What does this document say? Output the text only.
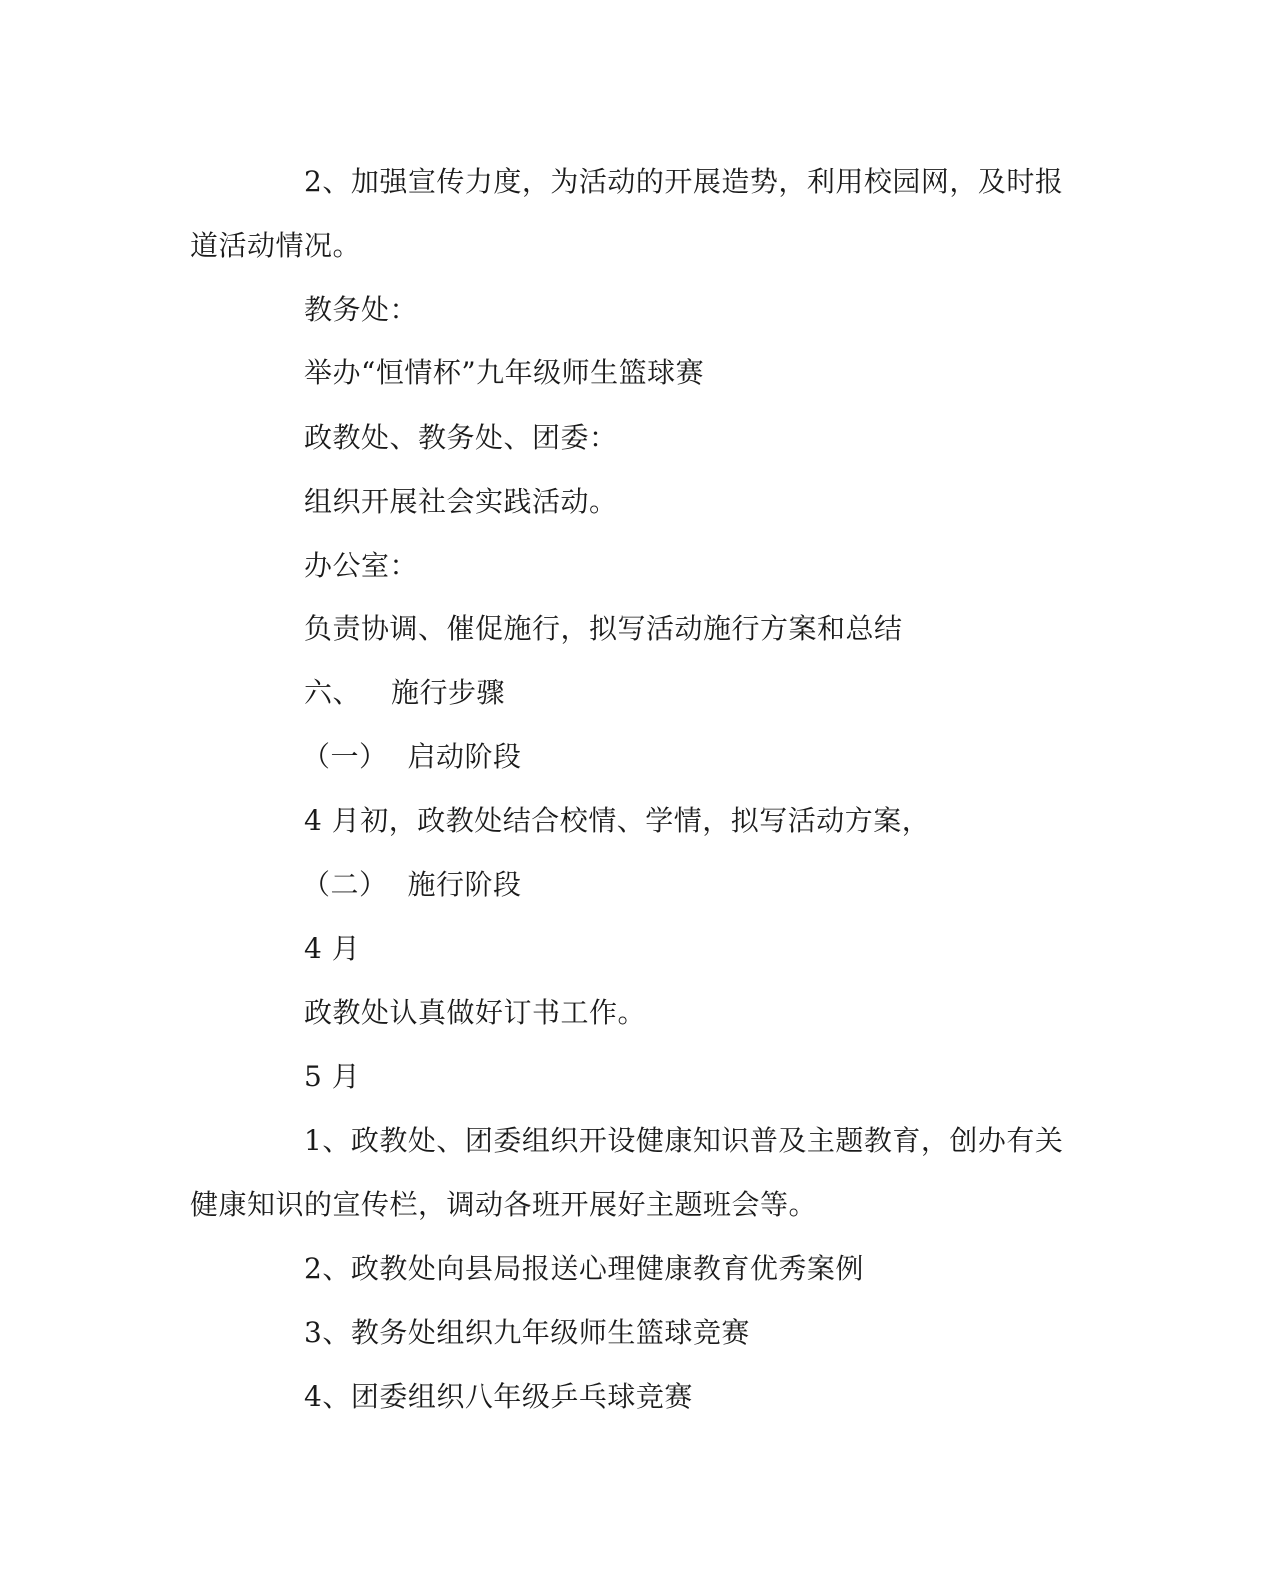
2、加强宣传力度，为活动的开展造势，利用校园网，及时报
道活动情况。
教务处：
举办“恒情杯”九年级师生篮球赛
政教处、教务处、团委：
组织开展社会实践活动。
办公室：
负责协调、催促施行，拟写活动施行方案和总结
六、 施行步骤
（一） 启动阶段
4 月初，政教处结合校情、学情，拟写活动方案，
（二） 施行阶段
4 月
政教处认真做好订书工作。
5 月
1、政教处、团委组织开设健康知识普及主题教育，创办有关
健康知识的宣传栏，调动各班开展好主题班会等。
2、政教处向县局报送心理健康教育优秀案例
3、教务处组织九年级师生篮球竞赛
4、团委组织八年级乒乓球竞赛
